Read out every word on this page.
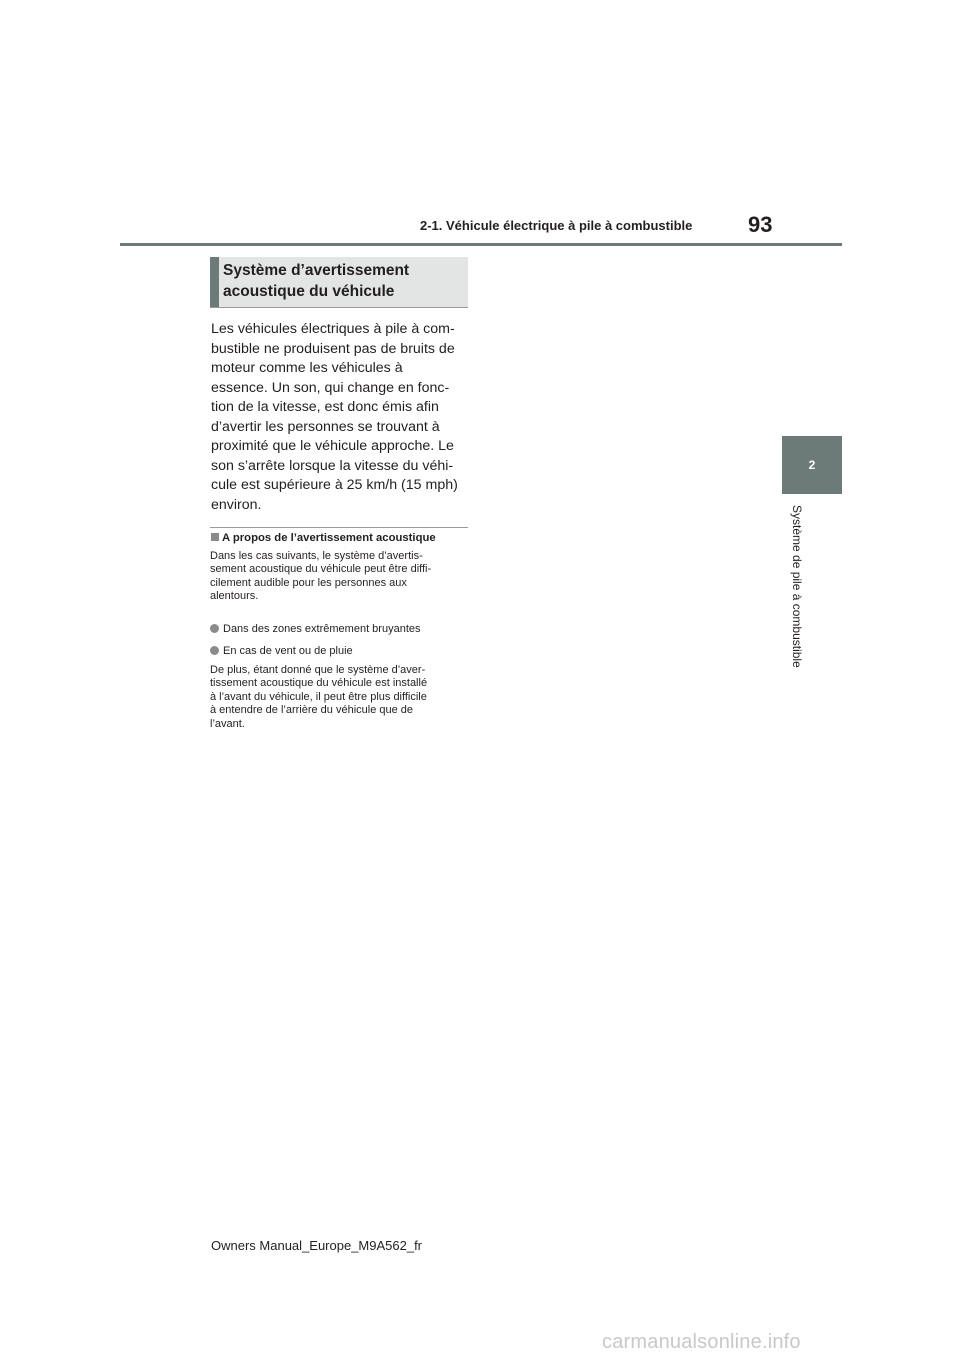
2-1. Véhicule électrique à pile à combustible	93
2
Système de pile à combustible
Système d’avertissement
acoustique du véhicule
Les véhicules électriques à pile à com-
bustible ne produisent pas de bruits de
moteur comme les véhicules à
essence. Un son, qui change en fonc-
tion de la vitesse, est donc émis afin
d’avertir les personnes se trouvant à
proximité que le véhicule approche. Le
son s’arrête lorsque la vitesse du véhi-
cule est supérieure à 25 km/h (15 mph)
environ.
A propos de l’avertissement acoustique
Dans les cas suivants, le système d’avertis-
sement acoustique du véhicule peut être diffi-
cilement audible pour les personnes aux
alentours.
Dans des zones extrêmement bruyantes
En cas de vent ou de pluie
De plus, étant donné que le système d’aver-
tissement acoustique du véhicule est installé
à l’avant du véhicule, il peut être plus difficile
à entendre de l’arrière du véhicule que de
l’avant.
Owners Manual_Europe_M9A562_fr
carmanualsonline.info
